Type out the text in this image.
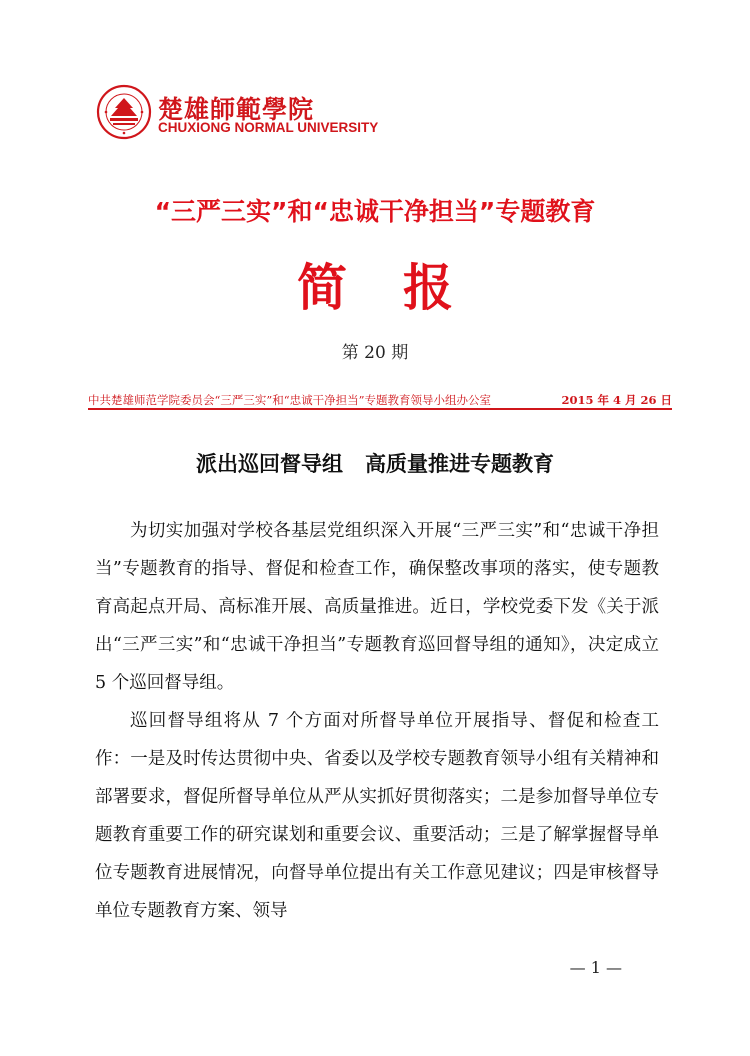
楚雄師範學院
CHUXIONG NORMAL UNIVERSITY
“三严三实”和“忠诚干净担当”专题教育
简 报
第 20 期
中共楚雄师范学院委员会“三严三实”和“忠诚干净担当”专题教育领导小组办公室	2015 年 4 月 26 日
派出巡回督导组   高质量推进专题教育

为切实加强对学校各基层党组织深入开展“三严三实”和“忠诚干净担当”专题教育的指导、督促和检查工作，确保整改事项的落实，使专题教育高起点开局、高标准开展、高质量推进。近日，学校党委下发《关于派出“三严三实”和“忠诚干净担当”专题教育巡回督导组的通知》，决定成立 5 个巡回督导组。

巡回督导组将从 7 个方面对所督导单位开展指导、督促和检查工作：一是及时传达贯彻中央、省委以及学校专题教育领导小组有关精神和部署要求，督促所督导单位从严从实抓好贯彻落实；二是参加督导单位专题教育重要工作的研究谋划和重要会议、重要活动；三是了解掌握督导单位专题教育进展情况，向督导单位提出有关工作意见建议；四是审核督导单位专题教育方案、领导

— 1 —
